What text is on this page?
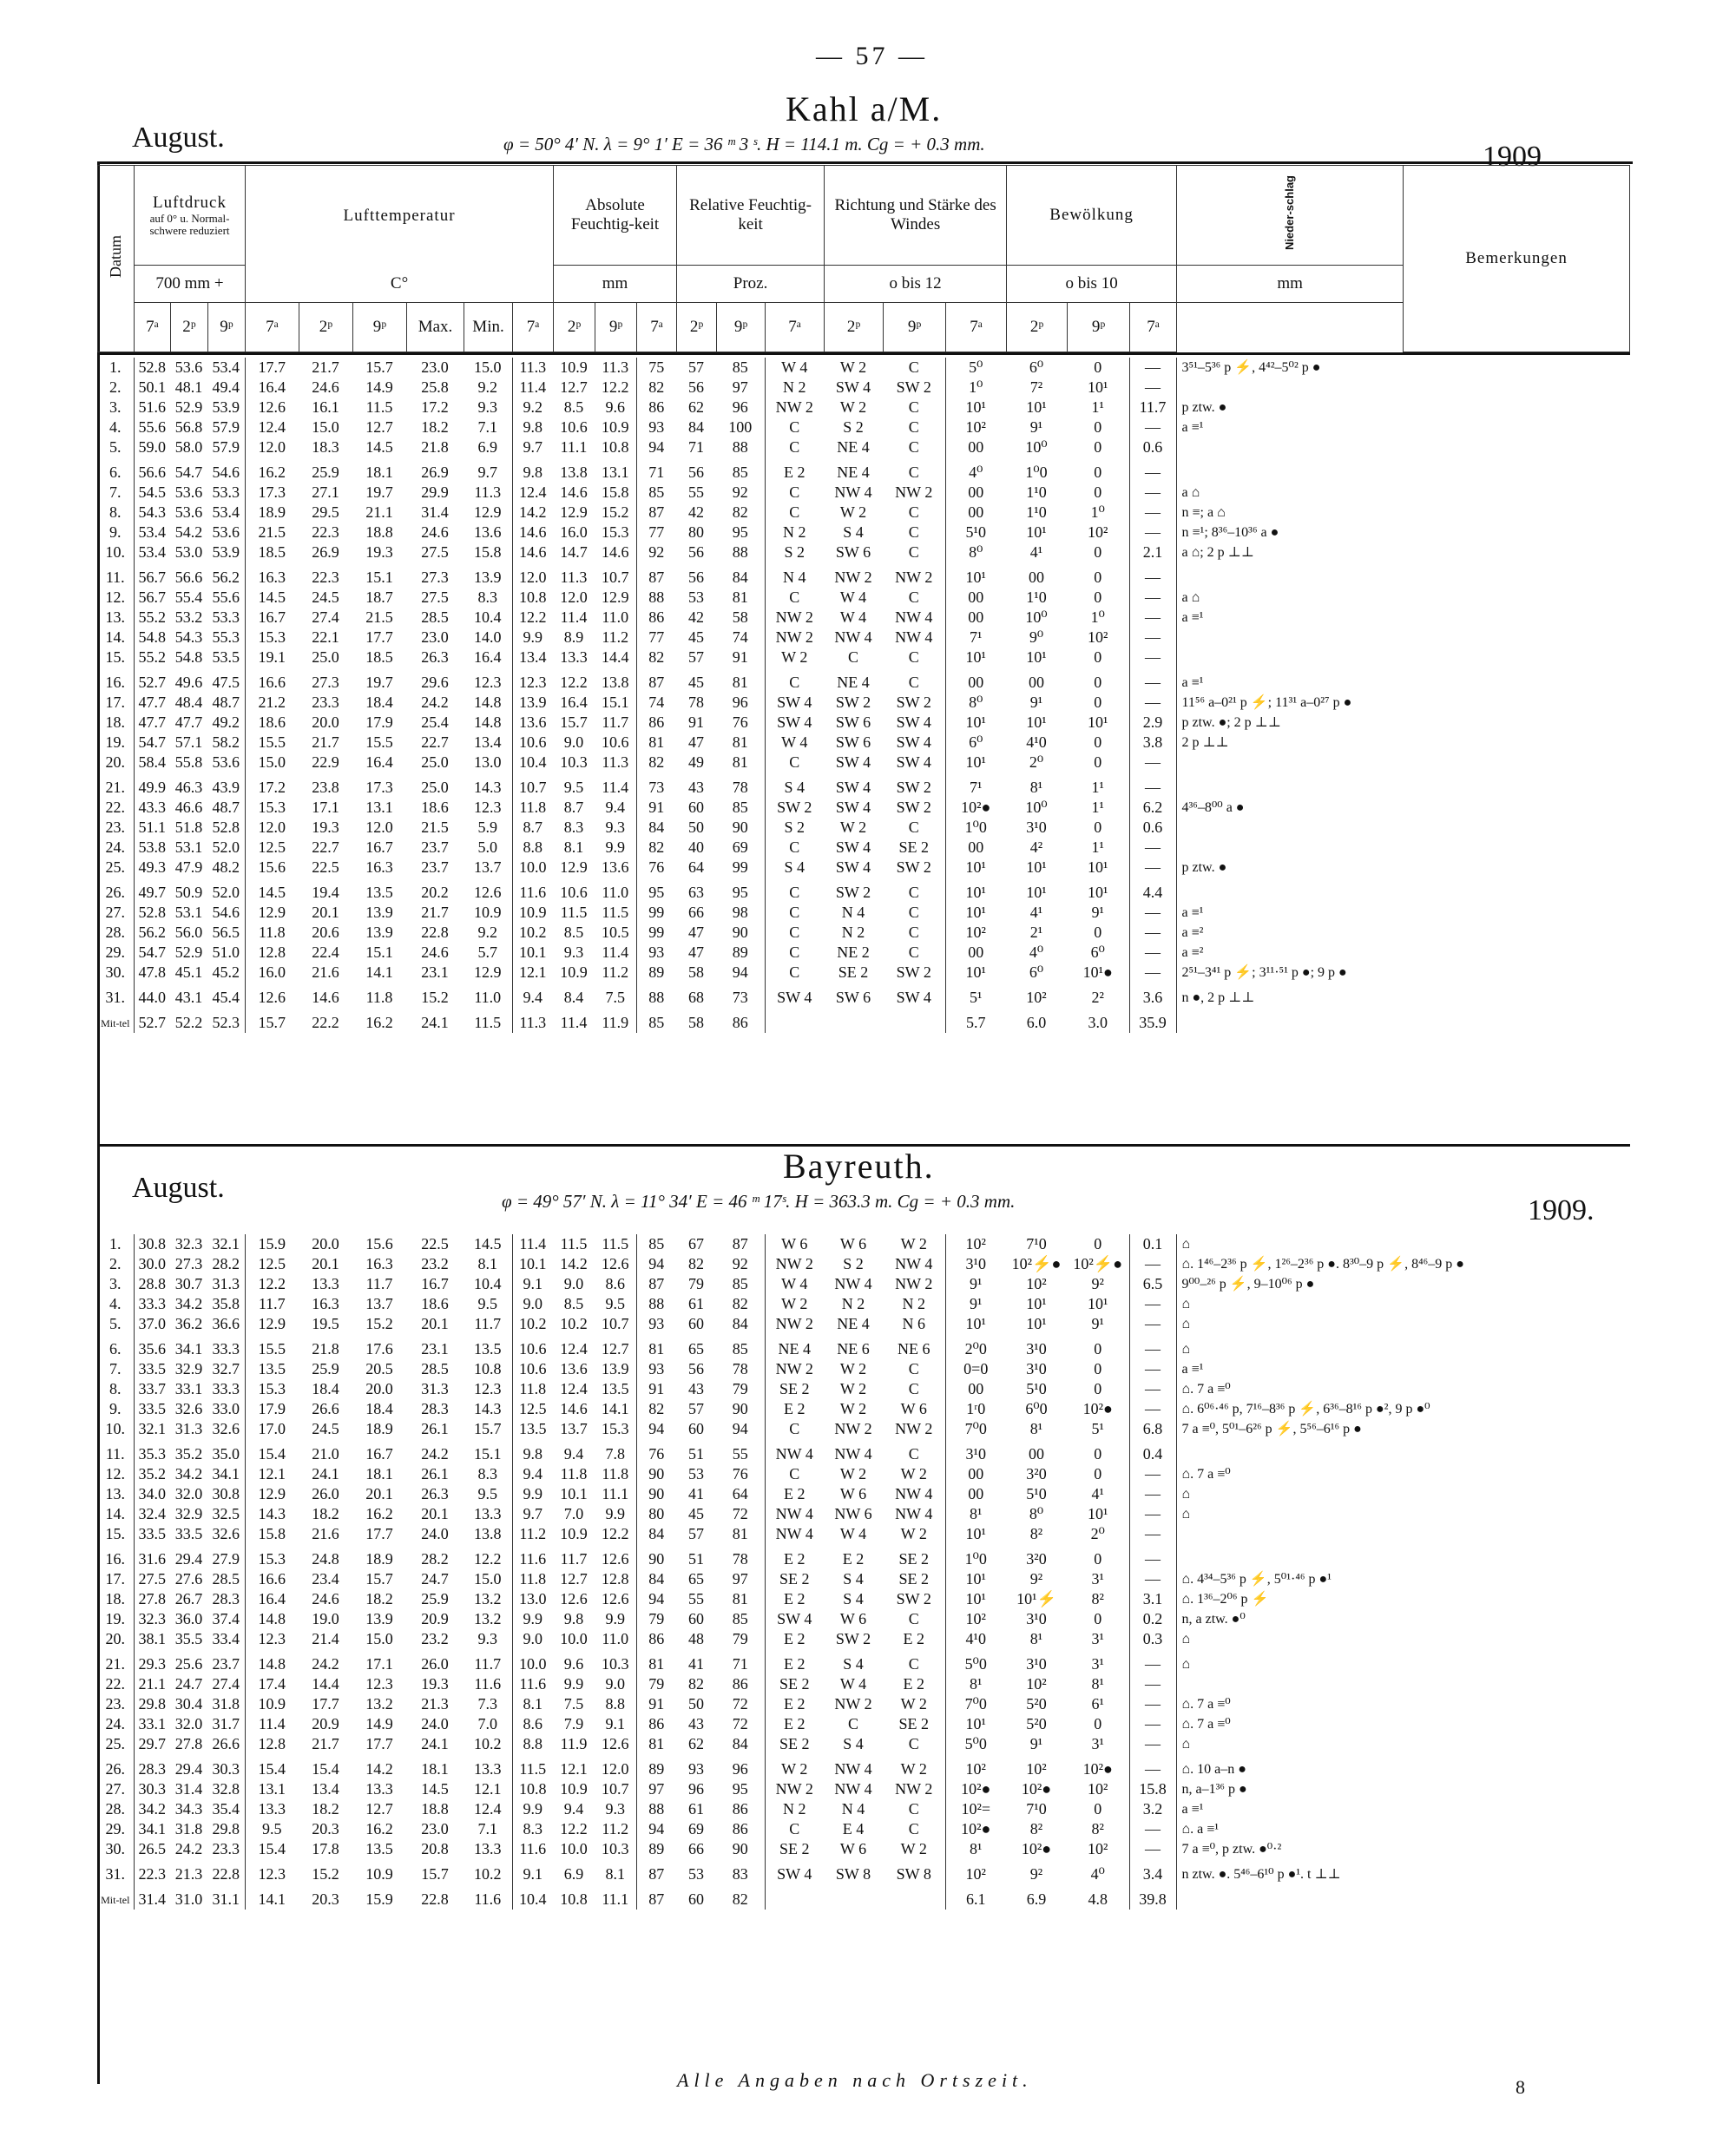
— 57 —
Kahl a/M.
August.	φ = 50° 4′ N. λ = 9° 1′ E = 36 ᵐ 3 ˢ. H = 114.1 m. Cg = + 0.3 mm.	1909
Datum	Luftdruck
auf 0° u. Normal-schwere reduziert			Lufttemperatur						Absolute Feuchtig-keit			Relative Feuchtig-keit			Richtung und Stärke des Windes			Bewölkung			Nieder-schlag	Bemerkungen
	700 mm +			C°						mm			Proz.			o bis 12			o bis 10			mm	
	7ᵃ	2ᵖ	9ᵖ	7ᵃ	2ᵖ	9ᵖ	Max.	Min.	7ᵃ	2ᵖ	9ᵖ	7ᵃ	2ᵖ	9ᵖ	7ᵃ	2ᵖ	9ᵖ	7ᵃ	2ᵖ	9ᵖ	7ᵃ		
1.	52.8	53.6	53.4	17.7	21.7	15.7	23.0	15.0	11.3	10.9	11.3	75	57	85	W 4	W 2	C	5⁰	6⁰	0	—	3⁵¹–5³⁶ p ⚡, 4⁴²–5⁰² p ●
2.	50.1	48.1	49.4	16.4	24.6	14.9	25.8	9.2	11.4	12.7	12.2	82	56	97	N 2	SW 4	SW 2	1⁰	7²	10¹	—	
3.	51.6	52.9	53.9	12.6	16.1	11.5	17.2	9.3	9.2	8.5	9.6	86	62	96	NW 2	W 2	C	10¹	10¹	1¹	11.7	p ztw. ●
4.	55.6	56.8	57.9	12.4	15.0	12.7	18.2	7.1	9.8	10.6	10.9	93	84	100	C	S 2	C	10²	9¹	0	—	a ≡¹
5.	59.0	58.0	57.9	12.0	18.3	14.5	21.8	6.9	9.7	11.1	10.8	94	71	88	C	NE 4	C	00	10⁰	0	0.6	
6.	56.6	54.7	54.6	16.2	25.9	18.1	26.9	9.7	9.8	13.8	13.1	71	56	85	E 2	NE 4	C	4⁰	1⁰0	0	—	
7.	54.5	53.6	53.3	17.3	27.1	19.7	29.9	11.3	12.4	14.6	15.8	85	55	92	C	NW 4	NW 2	00	1¹0	0	—	a ⌂
8.	54.3	53.6	53.4	18.9	29.5	21.1	31.4	12.9	14.2	12.9	15.2	87	42	82	C	W 2	C	00	1¹0	1⁰	—	n ≡; a ⌂
9.	53.4	54.2	53.6	21.5	22.3	18.8	24.6	13.6	14.6	16.0	15.3	77	80	95	N 2	S 4	C	5¹0	10¹	10²	—	n ≡¹; 8³⁶–10³⁶ a ●
10.	53.4	53.0	53.9	18.5	26.9	19.3	27.5	15.8	14.6	14.7	14.6	92	56	88	S 2	SW 6	C	8⁰	4¹	0	2.1	a ⌂; 2 p ⊥⊥
11.	56.7	56.6	56.2	16.3	22.3	15.1	27.3	13.9	12.0	11.3	10.7	87	56	84	N 4	NW 2	NW 2	10¹	00	0	—	
12.	56.7	55.4	55.6	14.5	24.5	18.7	27.5	8.3	10.8	12.0	12.9	88	53	81	C	W 4	C	00	1¹0	0	—	a ⌂
13.	55.2	53.2	53.3	16.7	27.4	21.5	28.5	10.4	12.2	11.4	11.0	86	42	58	NW 2	W 4	NW 4	00	10⁰	1⁰	—	a ≡¹
14.	54.8	54.3	55.3	15.3	22.1	17.7	23.0	14.0	9.9	8.9	11.2	77	45	74	NW 2	NW 4	NW 4	7¹	9⁰	10²	—	
15.	55.2	54.8	53.5	19.1	25.0	18.5	26.3	16.4	13.4	13.3	14.4	82	57	91	W 2	C	C	10¹	10¹	0	—	
16.	52.7	49.6	47.5	16.6	27.3	19.7	29.6	12.3	12.3	12.2	13.8	87	45	81	C	NE 4	C	00	00	0	—	a ≡¹
17.	47.7	48.4	48.7	21.2	23.3	18.4	24.2	14.8	13.9	16.4	15.1	74	78	96	SW 4	SW 2	SW 2	8⁰	9¹	0	—	11⁵⁶ a–0²¹ p ⚡; 11³¹ a–0²⁷ p ●
18.	47.7	47.7	49.2	18.6	20.0	17.9	25.4	14.8	13.6	15.7	11.7	86	91	76	SW 4	SW 6	SW 4	10¹	10¹	10¹	2.9	p ztw. ●; 2 p ⊥⊥
19.	54.7	57.1	58.2	15.5	21.7	15.5	22.7	13.4	10.6	9.0	10.6	81	47	81	W 4	SW 6	SW 4	6⁰	4¹0	0	3.8	2 p ⊥⊥
20.	58.4	55.8	53.6	15.0	22.9	16.4	25.0	13.0	10.4	10.3	11.3	82	49	81	C	SW 4	SW 4	10¹	2⁰	0	—	
21.	49.9	46.3	43.9	17.2	23.8	17.3	25.0	14.3	10.7	9.5	11.4	73	43	78	S 4	SW 4	SW 2	7¹	8¹	1¹	—	
22.	43.3	46.6	48.7	15.3	17.1	13.1	18.6	12.3	11.8	8.7	9.4	91	60	85	SW 2	SW 4	SW 2	10²●	10⁰	1¹	6.2	4³⁶–8⁰⁰ a ●
23.	51.1	51.8	52.8	12.0	19.3	12.0	21.5	5.9	8.7	8.3	9.3	84	50	90	S 2	W 2	C	1⁰0	3¹0	0	0.6	
24.	53.8	53.1	52.0	12.5	22.7	16.7	23.7	5.0	8.8	8.1	9.9	82	40	69	C	SW 4	SE 2	00	4²	1¹	—	
25.	49.3	47.9	48.2	15.6	22.5	16.3	23.7	13.7	10.0	12.9	13.6	76	64	99	S 4	SW 4	SW 2	10¹	10¹	10¹	—	p ztw. ●
26.	49.7	50.9	52.0	14.5	19.4	13.5	20.2	12.6	11.6	10.6	11.0	95	63	95	C	SW 2	C	10¹	10¹	10¹	4.4	
27.	52.8	53.1	54.6	12.9	20.1	13.9	21.7	10.9	10.9	11.5	11.5	99	66	98	C	N 4	C	10¹	4¹	9¹	—	a ≡¹
28.	56.2	56.0	56.5	11.8	20.6	13.9	22.8	9.2	10.2	8.5	10.5	99	47	90	C	N 2	C	10²	2¹	0	—	a ≡²
29.	54.7	52.9	51.0	12.8	22.4	15.1	24.6	5.7	10.1	9.3	11.4	93	47	89	C	NE 2	C	00	4⁰	6⁰	—	a ≡²
30.	47.8	45.1	45.2	16.0	21.6	14.1	23.1	12.9	12.1	10.9	11.2	89	58	94	C	SE 2	SW 2	10¹	6⁰	10¹●	—	2⁵¹–3⁴¹ p ⚡; 3¹¹·⁵¹ p ●; 9 p ●
31.	44.0	43.1	45.4	12.6	14.6	11.8	15.2	11.0	9.4	8.4	7.5	88	68	73	SW 4	SW 6	SW 4	5¹	10²	2²	3.6	n ●, 2 p ⊥⊥
Mit-tel	52.7	52.2	52.3	15.7	22.2	16.2	24.1	11.5	11.3	11.4	11.9	85	58	86				5.7	6.0	3.0	35.9	
Bayreuth.
August.	φ = 49° 57′ N. λ = 11° 34′ E = 46 ᵐ 17ˢ. H = 363.3 m. Cg = + 0.3 mm.	1909.
1.	30.8	32.3	32.1	15.9	20.0	15.6	22.5	14.5	11.4	11.5	11.5	85	67	87	W 6	W 6	W 2	10²	7¹0	0	0.1	⌂
2.	30.0	27.3	28.2	12.5	20.1	16.3	23.2	8.1	10.1	14.2	12.6	94	82	92	NW 2	S 2	NW 4	3¹0	10²⚡●	10²⚡●	—	⌂. 1⁴⁶–2³⁶ p ⚡, 1²⁶–2³⁶ p ●. 8³⁰–9 p ⚡, 8⁴⁶–9 p ●
3.	28.8	30.7	31.3	12.2	13.3	11.7	16.7	10.4	9.1	9.0	8.6	87	79	85	W 4	NW 4	NW 2	9¹	10²	9²	6.5	9⁰⁰–²⁶ p ⚡, 9–10⁰⁶ p ●
4.	33.3	34.2	35.8	11.7	16.3	13.7	18.6	9.5	9.0	8.5	9.5	88	61	82	W 2	N 2	N 2	9¹	10¹	10¹	—	⌂
5.	37.0	36.2	36.6	12.9	19.5	15.2	20.1	11.7	10.2	10.2	10.7	93	60	84	NW 2	NE 4	N 6	10¹	10¹	9¹	—	⌂
6.	35.6	34.1	33.3	15.5	21.8	17.6	23.1	13.5	10.6	12.4	12.7	81	65	85	NE 4	NE 6	NE 6	2⁰0	3¹0	0	—	⌂
7.	33.5	32.9	32.7	13.5	25.9	20.5	28.5	10.8	10.6	13.6	13.9	93	56	78	NW 2	W 2	C	0=0	3¹0	0	—	a ≡¹
8.	33.7	33.1	33.3	15.3	18.4	20.0	31.3	12.3	11.8	12.4	13.5	91	43	79	SE 2	W 2	C	00	5¹0	0	—	⌂. 7 a ≡⁰
9.	33.5	32.6	33.0	17.9	26.6	18.4	28.3	14.3	12.5	14.6	14.1	82	57	90	E 2	W 2	W 6	1ʳ0	6⁰0	10²●	—	⌂. 6⁰⁶·⁴⁶ p, 7¹⁶–8³⁶ p ⚡, 6³⁶–8¹⁶ p ●², 9 p ●⁰
10.	32.1	31.3	32.6	17.0	24.5	18.9	26.1	15.7	13.5	13.7	15.3	94	60	94	C	NW 2	NW 2	7⁰0	8¹	5¹	6.8	7 a ≡⁰, 5⁰¹–6²⁶ p ⚡, 5⁵⁶–6¹⁶ p ●
11.	35.3	35.2	35.0	15.4	21.0	16.7	24.2	15.1	9.8	9.4	7.8	76	51	55	NW 4	NW 4	C	3¹0	00	0	0.4	
12.	35.2	34.2	34.1	12.1	24.1	18.1	26.1	8.3	9.4	11.8	11.8	90	53	76	C	W 2	W 2	00	3²0	0	—	⌂. 7 a ≡⁰
13.	34.0	32.0	30.8	12.9	26.0	20.1	26.3	9.5	9.9	10.1	11.1	90	41	64	E 2	W 6	NW 4	00	5¹0	4¹	—	⌂
14.	32.4	32.9	32.5	14.3	18.2	16.2	20.1	13.3	9.7	7.0	9.9	80	45	72	NW 4	NW 6	NW 4	8¹	8⁰	10¹	—	⌂
15.	33.5	33.5	32.6	15.8	21.6	17.7	24.0	13.8	11.2	10.9	12.2	84	57	81	NW 4	W 4	W 2	10¹	8²	2⁰	—	
16.	31.6	29.4	27.9	15.3	24.8	18.9	28.2	12.2	11.6	11.7	12.6	90	51	78	E 2	E 2	SE 2	1⁰0	3²0	0	—	
17.	27.5	27.6	28.5	16.6	23.4	15.7	24.7	15.0	11.8	12.7	12.8	84	65	97	SE 2	S 4	SE 2	10¹	9²	3¹	—	⌂. 4³⁴–5³⁶ p ⚡, 5⁰¹·⁴⁶ p ●¹
18.	27.8	26.7	28.3	16.4	24.6	18.2	25.9	13.2	13.0	12.6	12.6	94	55	81	E 2	S 4	SW 2	10¹	10¹⚡	8²	3.1	⌂. 1³⁶–2⁰⁶ p ⚡
19.	32.3	36.0	37.4	14.8	19.0	13.9	20.9	13.2	9.9	9.8	9.9	79	60	85	SW 4	W 6	C	10²	3¹0	0	0.2	n, a ztw. ●⁰
20.	38.1	35.5	33.4	12.3	21.4	15.0	23.2	9.3	9.0	10.0	11.0	86	48	79	E 2	SW 2	E 2	4¹0	8¹	3¹	0.3	⌂
21.	29.3	25.6	23.7	14.8	24.2	17.1	26.0	11.7	10.0	9.6	10.3	81	41	71	E 2	S 4	C	5⁰0	3¹0	3¹	—	⌂
22.	21.1	24.7	27.4	17.4	14.4	12.3	19.3	11.6	11.6	9.9	9.0	79	82	86	SE 2	W 4	E 2	8¹	10²	8¹	—	
23.	29.8	30.4	31.8	10.9	17.7	13.2	21.3	7.3	8.1	7.5	8.8	91	50	72	E 2	NW 2	W 2	7⁰0	5²0	6¹	—	⌂. 7 a ≡⁰
24.	33.1	32.0	31.7	11.4	20.9	14.9	24.0	7.0	8.6	7.9	9.1	86	43	72	E 2	C	SE 2	10¹	5²0	0	—	⌂. 7 a ≡⁰
25.	29.7	27.8	26.6	12.8	21.7	17.7	24.1	10.2	8.8	11.9	12.6	81	62	84	SE 2	S 4	C	5⁰0	9¹	3¹	—	⌂
26.	28.3	29.4	30.3	15.4	15.4	14.2	18.1	13.3	11.5	12.1	12.0	89	93	96	W 2	NW 4	W 2	10²	10²	10²●	—	⌂. 10 a–n ●
27.	30.3	31.4	32.8	13.1	13.4	13.3	14.5	12.1	10.8	10.9	10.7	97	96	95	NW 2	NW 4	NW 2	10²●	10²●	10²	15.8	n, a–1³⁶ p ●
28.	34.2	34.3	35.4	13.3	18.2	12.7	18.8	12.4	9.9	9.4	9.3	88	61	86	N 2	N 4	C	10²=	7¹0	0	3.2	a ≡¹
29.	34.1	31.8	29.8	9.5	20.3	16.2	23.0	7.1	8.3	12.2	11.2	94	69	86	C	E 4	C	10²●	8²	8²	—	⌂. a ≡¹
30.	26.5	24.2	23.3	15.4	17.8	13.5	20.8	13.3	11.6	10.0	10.3	89	66	90	SE 2	W 6	W 2	8¹	10²●	10²	—	7 a ≡⁰, p ztw. ●⁰·²
31.	22.3	21.3	22.8	12.3	15.2	10.9	15.7	10.2	9.1	6.9	8.1	87	53	83	SW 4	SW 8	SW 8	10²	9²	4⁰	3.4	n ztw. ●. 5⁴⁶–6¹⁰ p ●¹. t ⊥⊥
Mit-tel	31.4	31.0	31.1	14.1	20.3	15.9	22.8	11.6	10.4	10.8	11.1	87	60	82				6.1	6.9	4.8	39.8	
Alle Angaben nach Ortszeit.	8
